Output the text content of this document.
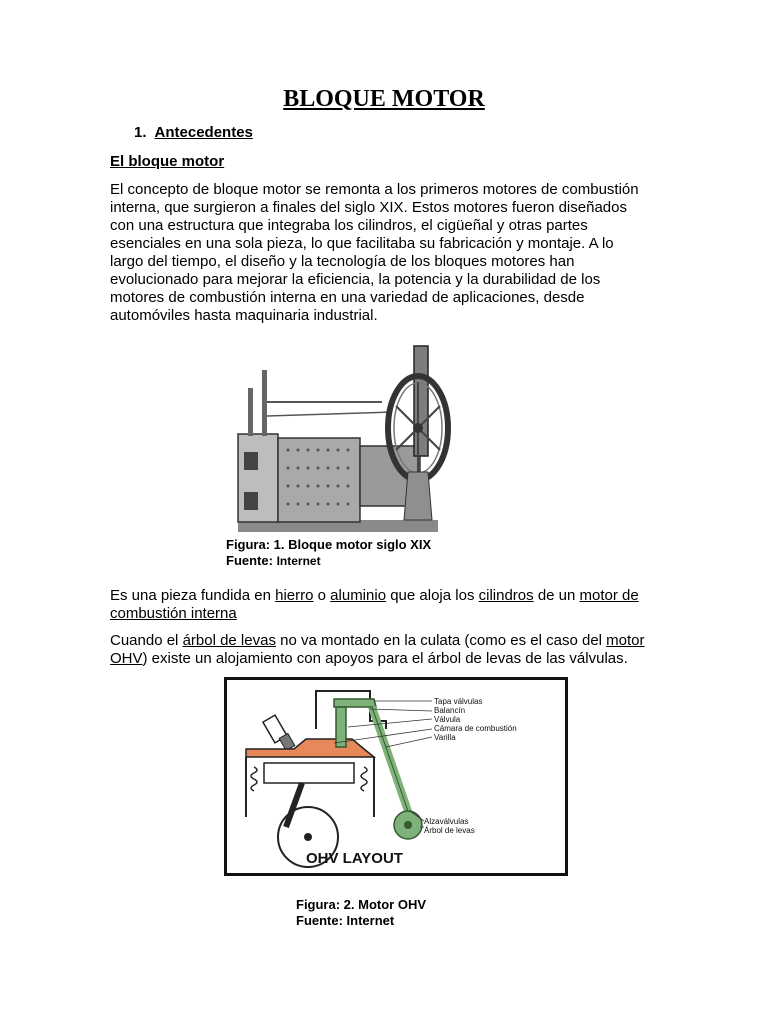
BLOQUE MOTOR
1. Antecedentes
El bloque motor

El concepto de bloque motor se remonta a los primeros motores de combustión interna, que surgieron a finales del siglo XIX. Estos motores fueron diseñados con una estructura que integraba los cilindros, el cigüeñal y otras partes esenciales en una sola pieza, lo que facilitaba su fabricación y montaje. A lo largo del tiempo, el diseño y la tecnología de los bloques motores han evolucionado para mejorar la eficiencia, la potencia y la durabilidad de los motores de combustión interna en una variedad de aplicaciones, desde automóviles hasta maquinaria industrial.

Figura: 1. Bloque motor siglo XIX
Fuente: Internet

Es una pieza fundida en hierro o aluminio que aloja los cilindros de un motor de combustión interna

Cuando el árbol de levas no va montado en la culata (como es el caso del motor OHV) existe un alojamiento con apoyos para el árbol de levas de las válvulas.

Tapa válvulas
Balancín
Válvula
Cámara de combustión
Varilla
Alzaválvulas
Árbol de levas
OHV LAYOUT
Figura: 2. Motor OHV
Fuente: Internet
